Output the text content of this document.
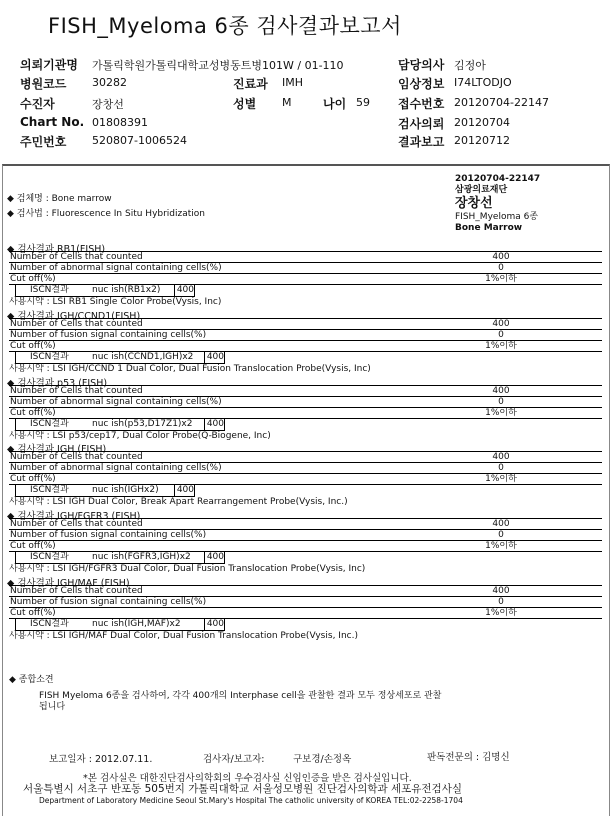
FISH_Myeloma 6종 검사결과보고서
의뢰기관명 가톨릭학원가톨릭대학교성병동트병101W / 01-110	담당의사 김정아
병원코드 30282	진료과 IMH	임상정보 I74LTODJO
수진자	장창선	성별 M	나이 59 접수번호 20120704-22147
Chart No. 01808391	검사의뢰 20120704
주민번호 520807-1006524	결과보고 20120712
20120704-22147
삼광의료재단
장창선
FISH_Myeloma 6종
Bone Marrow
◆ 검체명 : Bone marrow
◆ 검사법 : Fluorescence In Situ Hybridization
◆ 검사결과 RB1(FISH)
Number of Cells that counted	400
Number of abnormal signal containing cells(%)	0
Cut off(%)	1%이하
ISCN결과	nuc ish(RB1x2)	400
사용시약 : LSI RB1 Single Color Probe(Vysis, Inc)
◆ 검사결과 IGH/CCND1(FISH)
Number of Cells that counted	400
Number of fusion signal containing cells(%)	0
Cut off(%)	1%이하
ISCN결과	nuc ish(CCND1,IGH)x2	400
사용시약 : LSI IGH/CCND 1 Dual Color, Dual Fusion Translocation Probe(Vysis, Inc)
◆ 검사결과 p53 (FISH)
Number of Cells that counted	400
Number of abnormal signal containing cells(%)	0
Cut off(%)	1%이하
ISCN결과	nuc ish(p53,D17Z1)x2	400
사용시약 : LSI p53/cep17, Dual Color Probe(Q-Biogene, Inc)
◆ 검사결과 IGH (FISH)
Number of Cells that counted	400
Number of abnormal signal containing cells(%)	0
Cut off(%)	1%이하
ISCN결과	nuc ish(IGHx2)	400
사용시약 : LSI IGH Dual Color, Break Apart Rearrangement Probe(Vysis, Inc.)
◆ 검사결과 IGH/FGFR3 (FISH)
Number of Cells that counted	400
Number of fusion signal containing cells(%)	0
Cut off(%)	1%이하
ISCN결과	nuc ish(FGFR3,IGH)x2	400
사용시약 : LSI IGH/FGFR3 Dual Color, Dual Fusion Translocation Probe(Vysis, Inc)
◆ 검사결과 IGH/MAF (FISH)
Number of Cells that counted	400
Number of fusion signal containing cells(%)	0
Cut off(%)	1%이하
ISCN결과	nuc ish(IGH,MAF)x2	400
사용시약 : LSI IGH/MAF Dual Color, Dual Fusion Translocation Probe(Vysis, Inc.)
◆ 종합소견
FISH Myeloma 6종을 검사하여, 각각 400개의 Interphase cell을 관찰한 결과 모두 정상세포로 관찰
됩니다
보고일자 : 2012.07.11.	검사자/보고자:	구보경/손정옥	판독전문의 : 김명신
*본 검사실은 대한진단검사의학회의 우수검사실 신임인증을 받은 검사실입니다.
서울특별시 서초구 반포동 505번지 가톨릭대학교 서울성모병원 진단검사의학과 세포유전검사실
Department of Laboratory Medicine Seoul St.Mary's Hospital The catholic university of KOREA TEL:02-2258-1704
